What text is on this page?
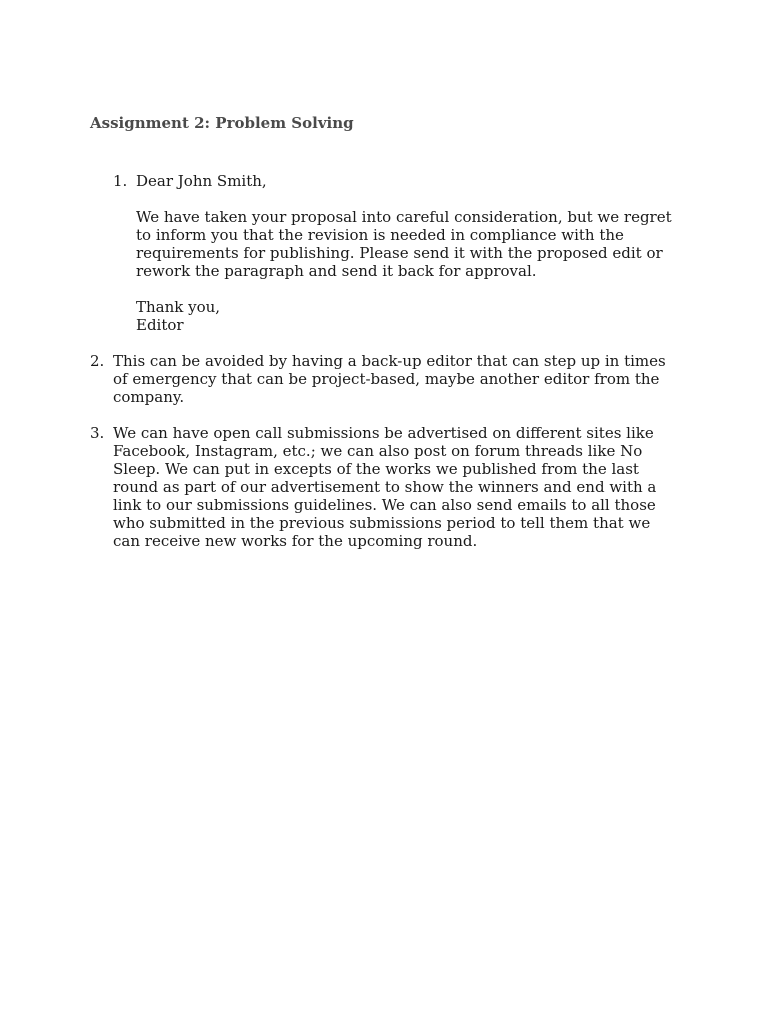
Assignment 2: Problem Solving
1. Dear John Smith,

We have taken your proposal into careful consideration, but we regret
to inform you that the revision is needed in compliance with the
requirements for publishing. Please send it with the proposed edit or
rework the paragraph and send it back for approval.

Thank you,

Editor

2. This can be avoided by having a back-up editor that can step up in times
of emergency that can be project-based, maybe another editor from the
company.
3. We can have open call submissions be advertised on different sites like
Facebook, Instagram, etc.; we can also post on forum threads like No
Sleep. We can put in excepts of the works we published from the last
round as part of our advertisement to show the winners and end with a
link to our submissions guidelines. We can also send emails to all those
who submitted in the previous submissions period to tell them that we
can receive new works for the upcoming round.
